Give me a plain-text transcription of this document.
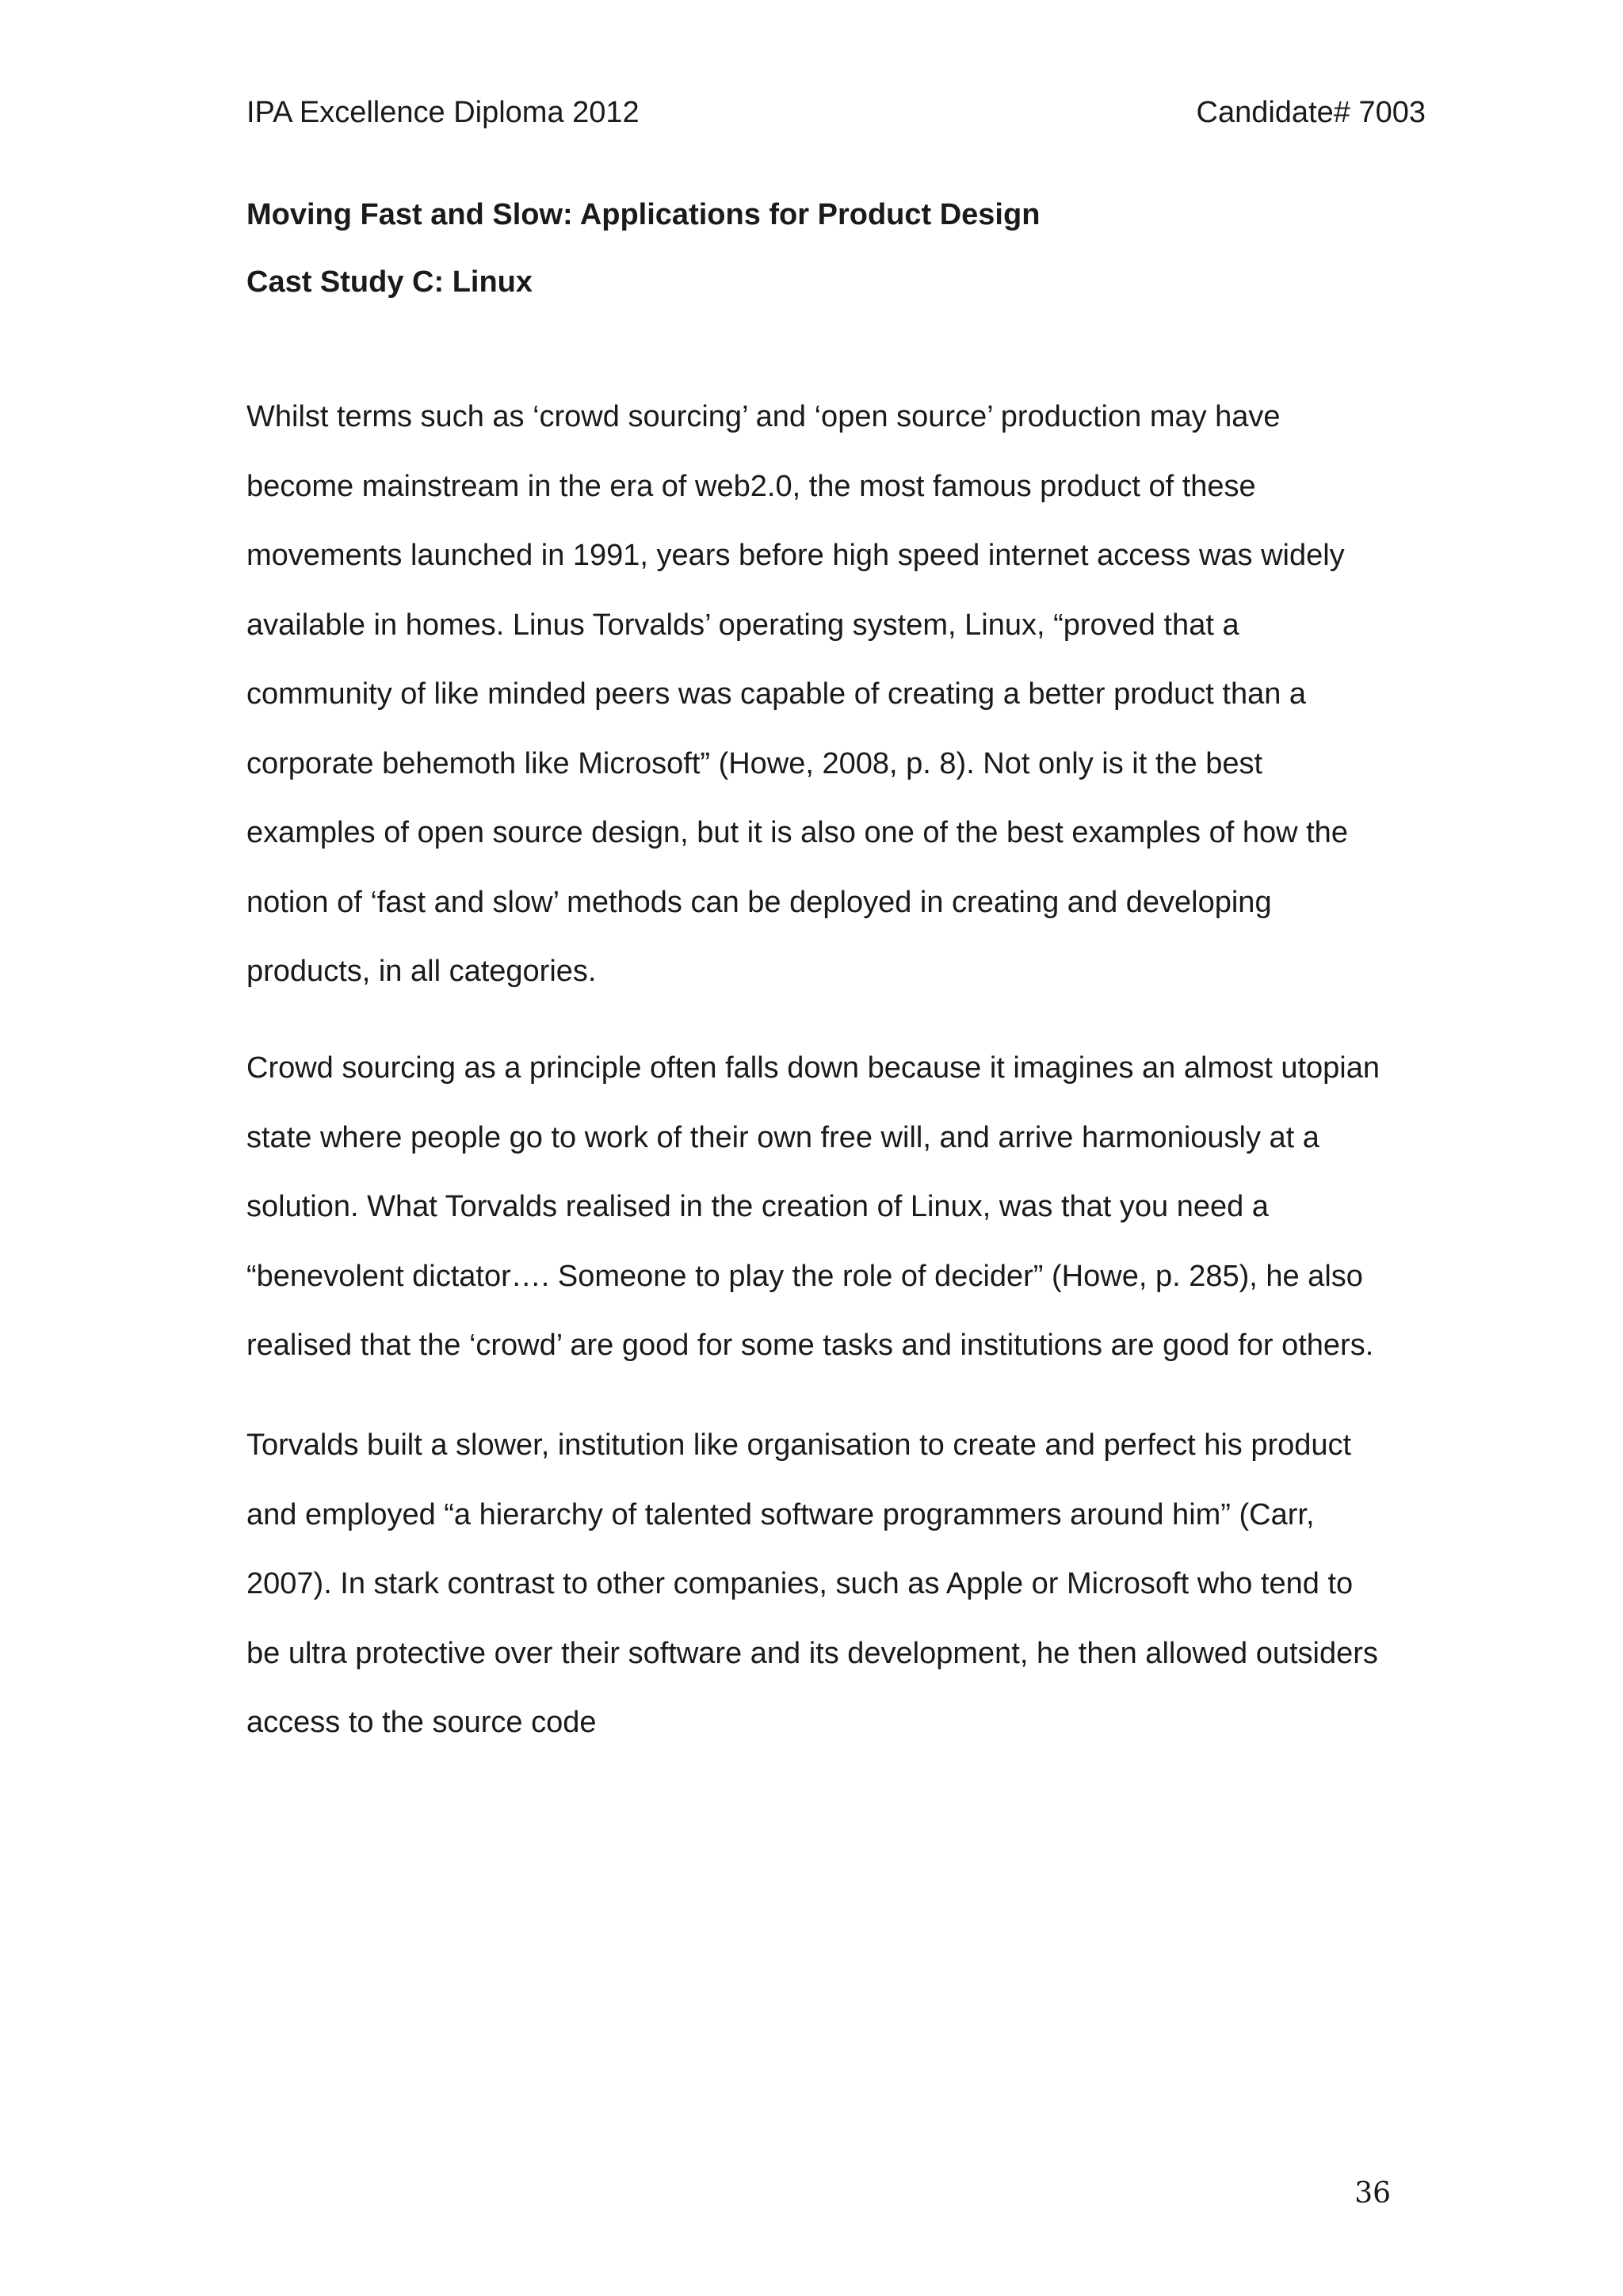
IPA Excellence Diploma 2012	Candidate# 7003
Moving Fast and Slow: Applications for Product Design
Cast Study C: Linux

Whilst terms such as ‘crowd sourcing’ and ‘open source’ production may have
become mainstream in the era of web2.0, the most famous product of these
movements launched in 1991, years before high speed internet access was widely
available in homes. Linus Torvalds’ operating system, Linux, “proved that a
community of like minded peers was capable of creating a better product than a
corporate behemoth like Microsoft” (Howe, 2008, p. 8). Not only is it the best
examples of open source design, but it is also one of the best examples of how the
notion of ‘fast and slow’ methods can be deployed in creating and developing
products, in all categories.

Crowd sourcing as a principle often falls down because it imagines an almost utopian
state where people go to work of their own free will, and arrive harmoniously at a
solution. What Torvalds realised in the creation of Linux, was that you need a
“benevolent dictator…. Someone to play the role of decider” (Howe, p. 285), he also
realised that the ‘crowd’ are good for some tasks and institutions are good for others.

Torvalds built a slower, institution like organisation to create and perfect his product
and employed “a hierarchy of talented software programmers around him” (Carr,
2007). In stark contrast to other companies, such as Apple or Microsoft who tend to
be ultra protective over their software and its development, he then allowed outsiders
access to the source code

36
